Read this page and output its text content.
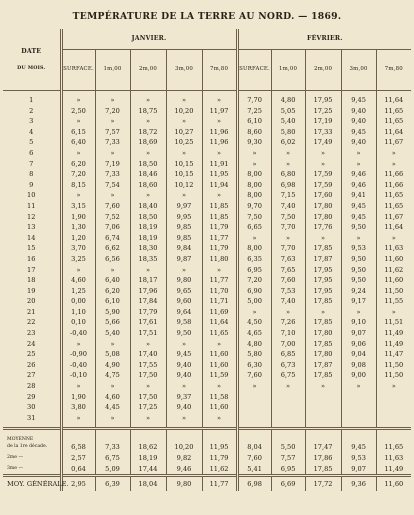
TEMPÉRATURE DE LA TERRE AU NORD. — 1869.
DATE
DU MOIS.	JANVIER.					FÉVRIER.				
	SURFACE.	1m,00	2m,00	3m,00	7m,80	SURFACE.	1m,00	2m,00	3m,00	7m,80

1	»	»	»	»	»	7,70	4,80	17,95	9,45	11,64
2	2,50	7,20	18,75	10,20	11,97	7,25	5,05	17,25	9,40	11,65
3	»	»	»	»	»	6,10	5,40	17,19	9,40	11,65
4	6,15	7,57	18,72	10,27	11,96	8,60	5,80	17,33	9,45	11,64
5	6,40	7,33	18,69	10,25	11,96	9,30	6,02	17,49	9,40	11,67
6	»	»	»	»	»	»	»	»	»	»
7	6,20	7,19	18,50	10,15	11,91	»	»	»	»	»
8	7,20	7,33	18,46	10,15	11,95	8,00	6,80	17,59	9,46	11,66
9	8,15	7,54	18,60	10,12	11,94	8,00	6,98	17,59	9,46	11,66
10	»	»	»	»	»	8,00	7,15	17,60	9,41	11,65
11	3,15	7,60	18,40	9,97	11,85	9,70	7,40	17,80	9,45	11,65
12	1,90	7,52	18,50	9,95	11,85	7,50	7,50	17,80	9,45	11,67
13	1,30	7,06	18,19	9,85	11,79	6,65	7,70	17,76	9,50	11,64
14	1,20	6,74	18,19	9,85	11,77	»	»	»	»	»
15	3,70	6,62	18,30	9,84	11,79	8,00	7,70	17,85	9,53	11,63
16	3,25	6,56	18,35	9,87	11,80	6,35	7,63	17,87	9,50	11,60
17	»	»	»	»	»	6,95	7,65	17,95	9,50	11,62
18	4,60	6,40	18,17	9,80	11,77	7,20	7,60	17,95	9,50	11,60
19	1,25	6,20	17,96	9,65	11,70	6,90	7,53	17,95	9,24	11,50
20	0,00	6,10	17,84	9,60	11,71	5,00	7,40	17,85	9,17	11,55
21	1,10	5,90	17,79	9,64	11,69	»	»	»	»	»
22	0,10	5,66	17,61	9,58	11,64	4,50	7,26	17,85	9,10	11,51
23	-0,40	5,40	17,51	9,50	11,65	4,65	7,10	17,80	9,07	11,49
24	»	»	»	»	»	4,80	7,00	17,85	9,06	11,49
25	-0,90	5,08	17,40	9,45	11,60	5,80	6,85	17,80	9,04	11,47
26	-0,40	4,90	17,55	9,40	11,60	6,30	6,73	17,87	9,08	11,50
27	-0,10	4,75	17,50	9,40	11,59	7,60	6,75	17,85	9,00	11,50
28	»	»	»	»	»	»	»	»	»	»
29	1,90	4,60	17,50	9,37	11,58					
30	3,80	4,45	17,25	9,40	11,60					
31	»	»	»	»	»					

MOYENNE										
de la 1re décade.	6,58	7,33	18,62	10,20	11,95	8,04	5,50	17,47	9,45	11,65
2me —	2,57	6,75	18,19	9,82	11,79	7,60	7,57	17,86	9,53	11,63
3me —	0,64	5,09	17,44	9,46	11,62	5,41	6,95	17,85	9,07	11,49
MOY. GÉNÉRALE.	2,95	6,39	18,04	9,80	11,77	6,98	6,69	17,72	9,36	11,60
